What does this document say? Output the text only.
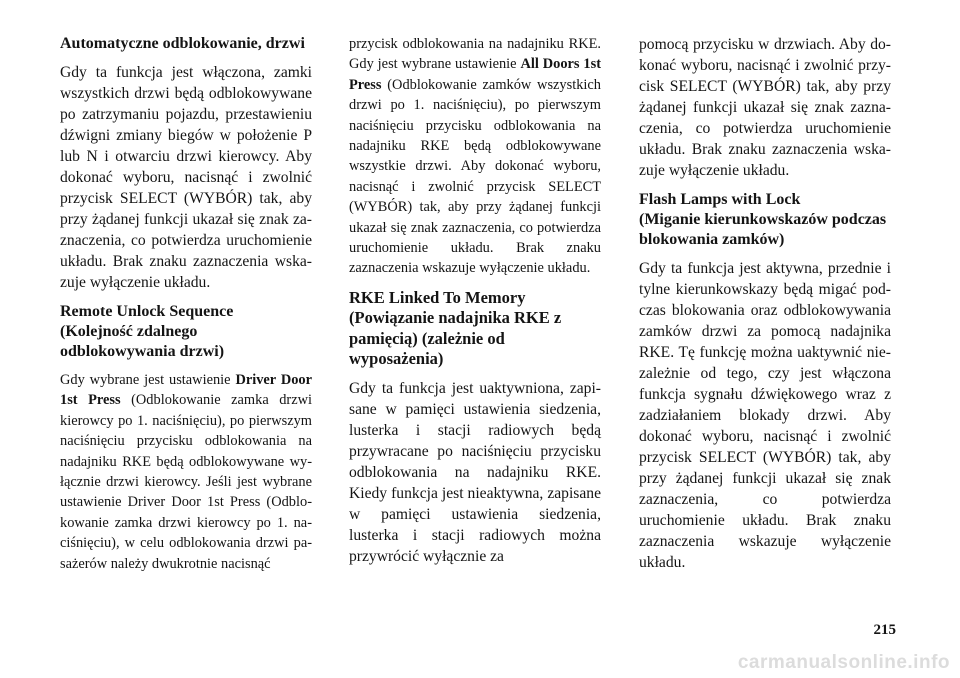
Automatyczne odblokowanie, drzwi

Gdy ta funkcja jest włączona, zamki wszystkich drzwi będą odblokowywane po zatrzymaniu pojazdu, przestawieniu dźwigni zmiany biegów w położenie P lub N i otwarciu drzwi kierowcy. Aby dokonać wyboru, nacisnąć i zwolnić przycisk SELECT (WYBÓR) tak, aby przy żądanej funkcji ukazał się znak zaznaczenia, co potwierdza uruchomienie układu. Brak znaku zaznaczenia wskazuje wyłączenie układu.

Remote Unlock Sequence
(Kolejność zdalnego odblokowywania drzwi)

Gdy wybrane jest ustawienie Driver Door 1st Press (Odblokowanie zamka drzwi kierowcy po 1. naciśnięciu), po pierwszym naciśnięciu przycisku odblokowania na nadajniku RKE będą odblokowywane wyłącznie drzwi kierowcy. Jeśli jest wybrane ustawienie Driver Door 1st Press (Odblokowanie zamka drzwi kierowcy po 1. naciśnięciu), w celu odblokowania drzwi pasażerów należy dwukrotnie nacisnąć

przycisk odblokowania na nadajniku RKE. Gdy jest wybrane ustawienie All Doors 1st Press (Odblokowanie zamków wszystkich drzwi po 1. naciśnięciu), po pierwszym naciśnięciu przycisku odblokowania na nadajniku RKE będą odblokowywane wszystkie drzwi. Aby dokonać wyboru, nacisnąć i zwolnić przycisk SELECT (WYBÓR) tak, aby przy żądanej funkcji ukazał się znak zaznaczenia, co potwierdza uruchomienie układu. Brak znaku zaznaczenia wskazuje wyłączenie układu.

RKE Linked To Memory
(Powiązanie nadajnika RKE z
pamięcią) (zależnie od wyposażenia)

Gdy ta funkcja jest uaktywniona, zapisane w pamięci ustawienia siedzenia, lusterka i stacji radiowych będą przywracane po naciśnięciu przycisku odblokowania na nadajniku RKE. Kiedy funkcja jest nieaktywna, zapisane w pamięci ustawienia siedzenia, lusterka i stacji radiowych można przywrócić wyłącznie za

pomocą przycisku w drzwiach. Aby dokonać wyboru, nacisnąć i zwolnić przycisk SELECT (WYBÓR) tak, aby przy żądanej funkcji ukazał się znak zaznaczenia, co potwierdza uruchomienie układu. Brak znaku zaznaczenia wskazuje wyłączenie układu.

Flash Lamps with Lock
(Miganie kierunkowskazów podczas
blokowania zamków)

Gdy ta funkcja jest aktywna, przednie i tylne kierunkowskazy będą migać podczas blokowania oraz odblokowywania zamków drzwi za pomocą nadajnika RKE. Tę funkcję można uaktywnić niezależnie od tego, czy jest włączona funkcja sygnału dźwiękowego wraz z zadziałaniem blokady drzwi. Aby dokonać wyboru, nacisnąć i zwolnić przycisk SELECT (WYBÓR) tak, aby przy żądanej funkcji ukazał się znak zaznaczenia, co potwierdza uruchomienie układu. Brak znaku zaznaczenia wskazuje wyłączenie układu.

215
carmanualsonline.info
